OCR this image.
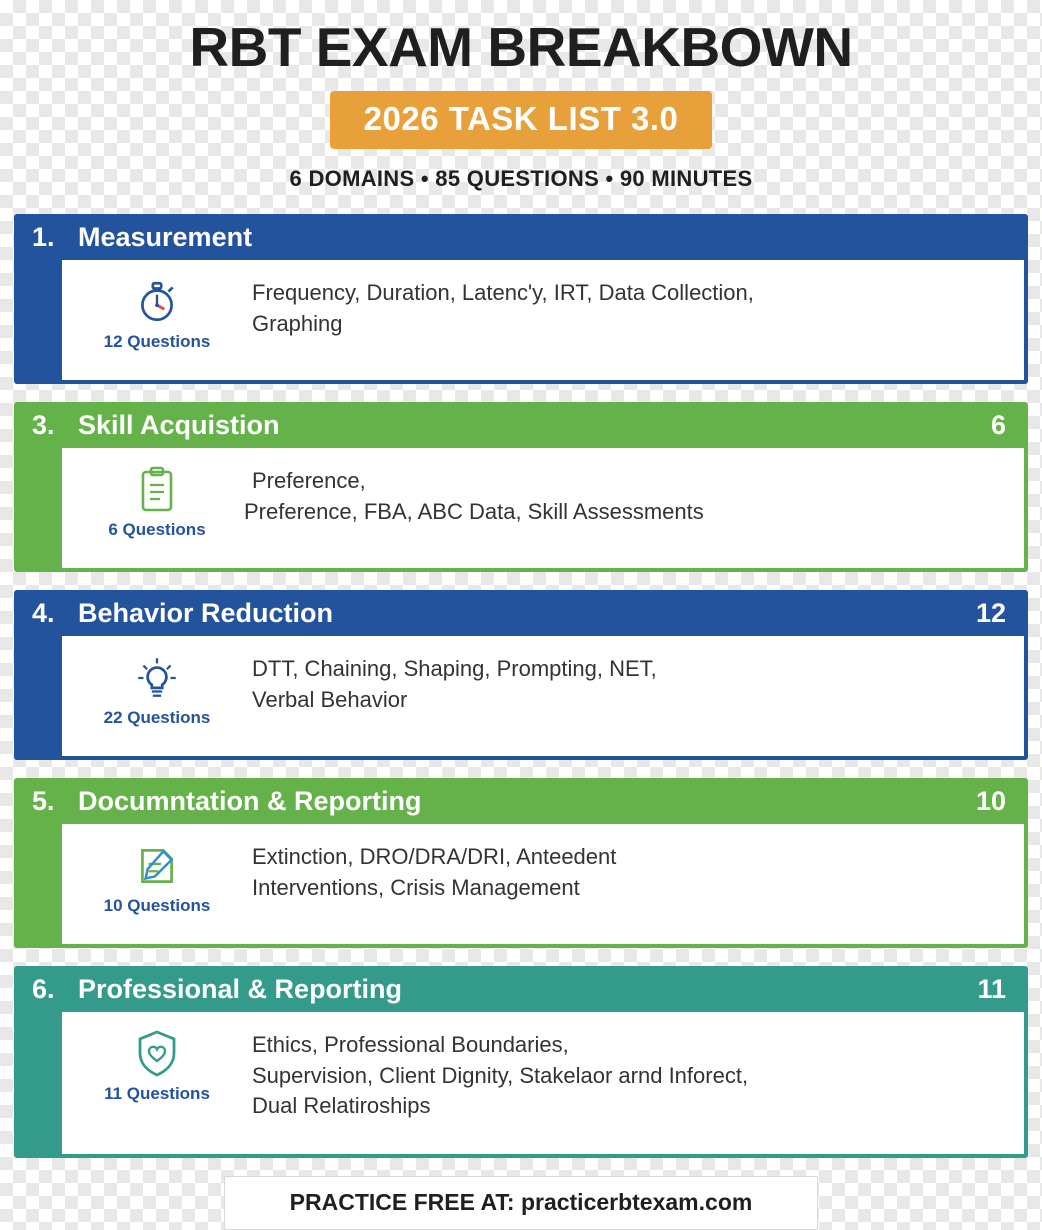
RBT EXAM BREAKBOWN
2026 TASK LIST 3.0
6 DOMAINS • 85 QUESTIONS • 90 MINUTES
1. Measurement
12 Questions
Frequency, Duration, Latenc'y, IRT, Data Collection,
Graphing
3. Skill Acquistion	6
6 Questions
Preference,
Preference, FBA, ABC Data, Skill Assessments
4. Behavior Reduction	12
22 Questions
DTT, Chaining, Shaping, Prompting, NET,
Verbal Behavior
5. Documntation & Reporting	10
10 Questions
Extinction, DRO/DRA/DRI, Anteedent
Interventions, Crisis Management
6. Professional & Reporting	11
11 Questions
Ethics, Professional Boundaries,
Supervision, Client Dignity, Stakelaor arnd Inforect,
Dual Relatiroships
PRACTICE FREE AT: practicerbtexam.com
